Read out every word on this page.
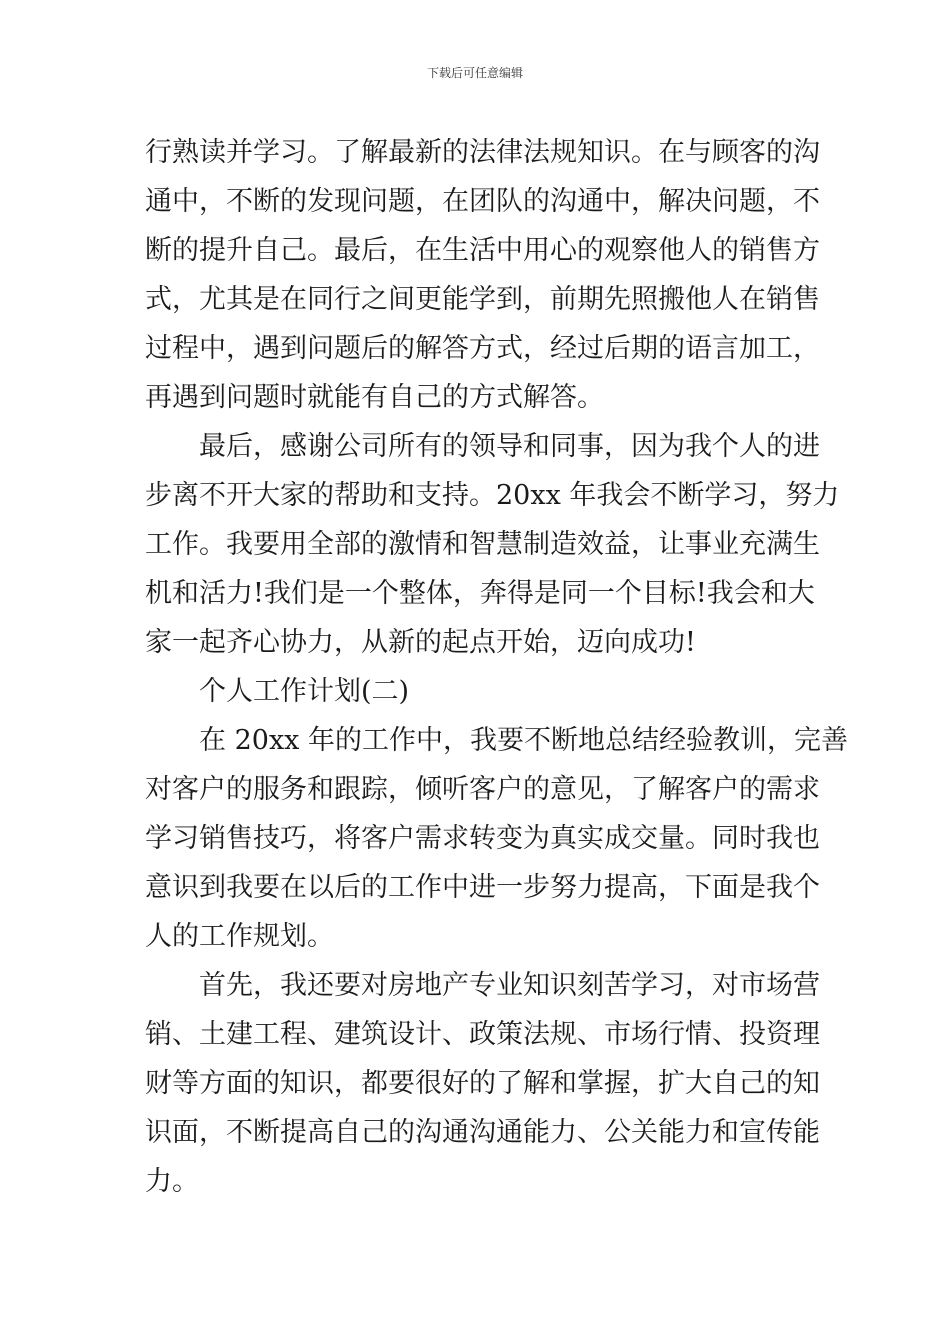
下载后可任意编辑

行熟读并学习。了解最新的法律法规知识。在与顾客的沟
通中，不断的发现问题，在团队的沟通中，解决问题，不
断的提升自己。最后，在生活中用心的观察他人的销售方
式，尤其是在同行之间更能学到，前期先照搬他人在销售
过程中，遇到问题后的解答方式，经过后期的语言加工，
再遇到问题时就能有自己的方式解答。

最后，感谢公司所有的领导和同事，因为我个人的进
步离不开大家的帮助和支持。20xx 年我会不断学习，努力
工作。我要用全部的激情和智慧制造效益，让事业充满生
机和活力!我们是一个整体，奔得是同一个目标!我会和大
家一起齐心协力，从新的起点开始，迈向成功!

个人工作计划(二)

在 20xx 年的工作中，我要不断地总结经验教训，完善
对客户的服务和跟踪，倾听客户的意见，了解客户的需求
学习销售技巧，将客户需求转变为真实成交量。同时我也
意识到我要在以后的工作中进一步努力提高，下面是我个
人的工作规划。

首先，我还要对房地产专业知识刻苦学习，对市场营
销、土建工程、建筑设计、政策法规、市场行情、投资理
财等方面的知识，都要很好的了解和掌握，扩大自己的知
识面，不断提高自己的沟通沟通能力、公关能力和宣传能
力。
